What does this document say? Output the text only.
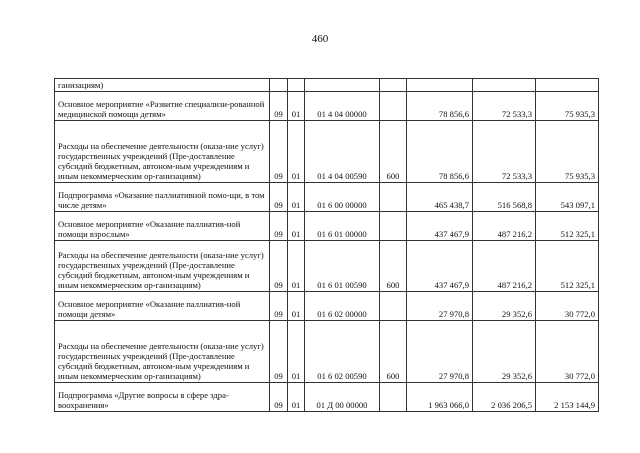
460
ганизациям)							
Основное мероприятие «Развитие специализи-рованной медицинской помощи детям»	09	01	01 4 04 00000		78 856,6	72 533,3	75 935,3
Расходы на обеспечение деятельности (оказа-ние услуг) государственных учреждений (Пре-доставление субсидий бюджетным, автоном-ным учреждениям и иным некоммерческим ор-ганизациям)	09	01	01 4 04 00590	600	78 856,6	72 533,3	75 935,3
Подпрограмма «Оказание паллиативной помо-щи, в том числе детям»	09	01	01 6 00 00000		465 438,7	516 568,8	543 097,1
Основное мероприятие «Оказание паллиатив-ной помощи взрослым»	09	01	01 6 01 00000		437 467,9	487 216,2	512 325,1
Расходы на обеспечение деятельности (оказа-ние услуг) государственных учреждений (Пре-доставление субсидий бюджетным, автоном-ным учреждениям и иным некоммерческим ор-ганизациям)	09	01	01 6 01 00590	600	437 467,9	487 216,2	512 325,1
Основное мероприятие «Оказание паллиатив-ной помощи детям»	09	01	01 6 02 00000		27 970,8	29 352,6	30 772,0
Расходы на обеспечение деятельности (оказа-ние услуг) государственных учреждений (Пре-доставление субсидий бюджетным, автоном-ным учреждениям и иным некоммерческим ор-ганизациям)	09	01	01 6 02 00590	600	27 970,8	29 352,6	30 772,0
Подпрограмма «Другие вопросы в сфере здра-воохранения»	09	01	01 Д 00 00000		1 963 066,0	2 036 206,5	2 153 144,9
